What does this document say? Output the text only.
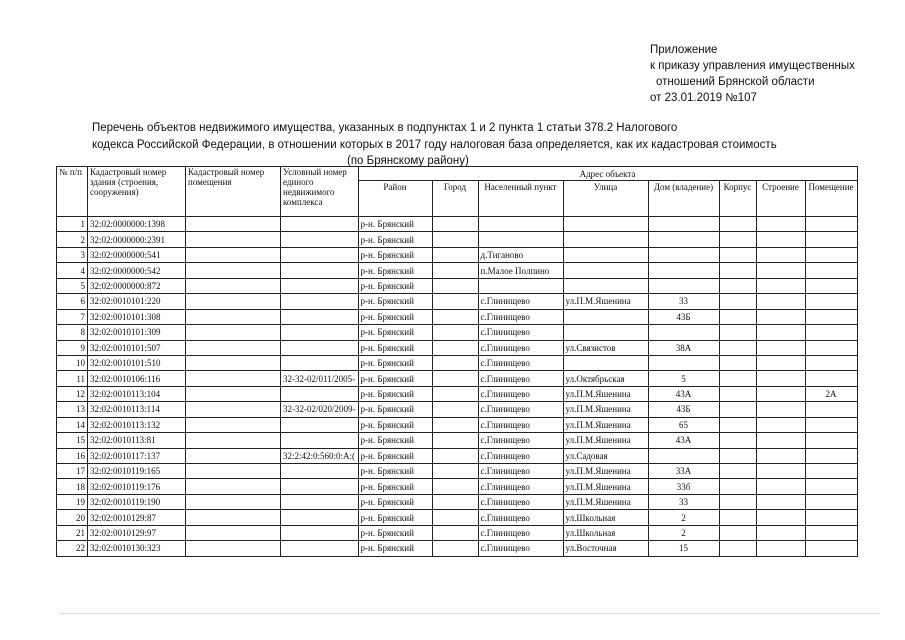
Приложение
к приказу управления имущественных
отношений Брянской области
от 23.01.2019 №107
Перечень объектов недвижимого имущества, указанных в подпунктах 1 и 2 пункта 1 статьи 378.2 Налогового
кодекса Российской Федерации, в отношении которых в 2017 году налоговая база определяется, как их кадастровая стоимость
(по Брянскому району)
№ п/п	Кадастровый номер здания (строения, сооружения)	Кадастровый номер помещения	Условный номер единого недвижимого комплекса	Адрес объекта							
				Район	Город	Населенный пункт	Улица	Дом (владение)	Корпус	Строение	Помещение
1	32:02:0000000:1398			р-н. Брянский							
2	32:02:0000000:2391			р-н. Брянский							
3	32:02:0000000:541			р-н. Брянский		д.Тиганово					
4	32:02:0000000:542			р-н. Брянский		п.Малое Полпино					
5	32:02:0000000:872			р-н. Брянский							
6	32:02:0010101:220			р-н. Брянский		с.Глинищево	ул.П.М.Яшенина	33			
7	32:02:0010101:308			р-н. Брянский		с.Глинищево		43Б			
8	32:02:0010101:309			р-н. Брянский		с.Глинищево					
9	32:02:0010101:507			р-н. Брянский		с.Глинищево	ул.Связистов	38А			
10	32:02:0010101:510			р-н. Брянский		с.Глинищево					
11	32:02:0010106:116		32-32-02/011/2005-	р-н. Брянский		с.Глинищево	ул.Октябрьская	5			
12	32:02:0010113:104			р-н. Брянский		с.Глинищево	ул.П.М.Яшенина	43А			2А
13	32:02:0010113:114		32-32-02/020/2009-	р-н. Брянский		с.Глинищево	ул.П.М.Яшенина	43Б			
14	32:02:0010113:132			р-н. Брянский		с.Глинищево	ул.П.М.Яшенина	65			
15	32:02:0010113:81			р-н. Брянский		с.Глинищево	ул.П.М.Яшенина	43А			
16	32:02:0010117:137		32:2:42:0:560:0:А:(	р-н. Брянский		с.Глинищево	ул.Садовая				
17	32:02:0010119:165			р-н. Брянский		с.Глинищево	ул.П.М.Яшенина	33А			
18	32:02:0010119:176			р-н. Брянский		с.Глинищево	ул.П.М.Яшенина	33б			
19	32:02:0010119:190			р-н. Брянский		с.Глинищево	ул.П.М.Яшенина	33			
20	32:02:0010129:87			р-н. Брянский		с.Глинищево	ул.Школьная	2			
21	32:02:0010129:97			р-н. Брянский		с.Глинищево	ул.Школьная	2			
22	32:02:0010130:323			р-н. Брянский		с.Глинищево	ул.Восточная	15			
